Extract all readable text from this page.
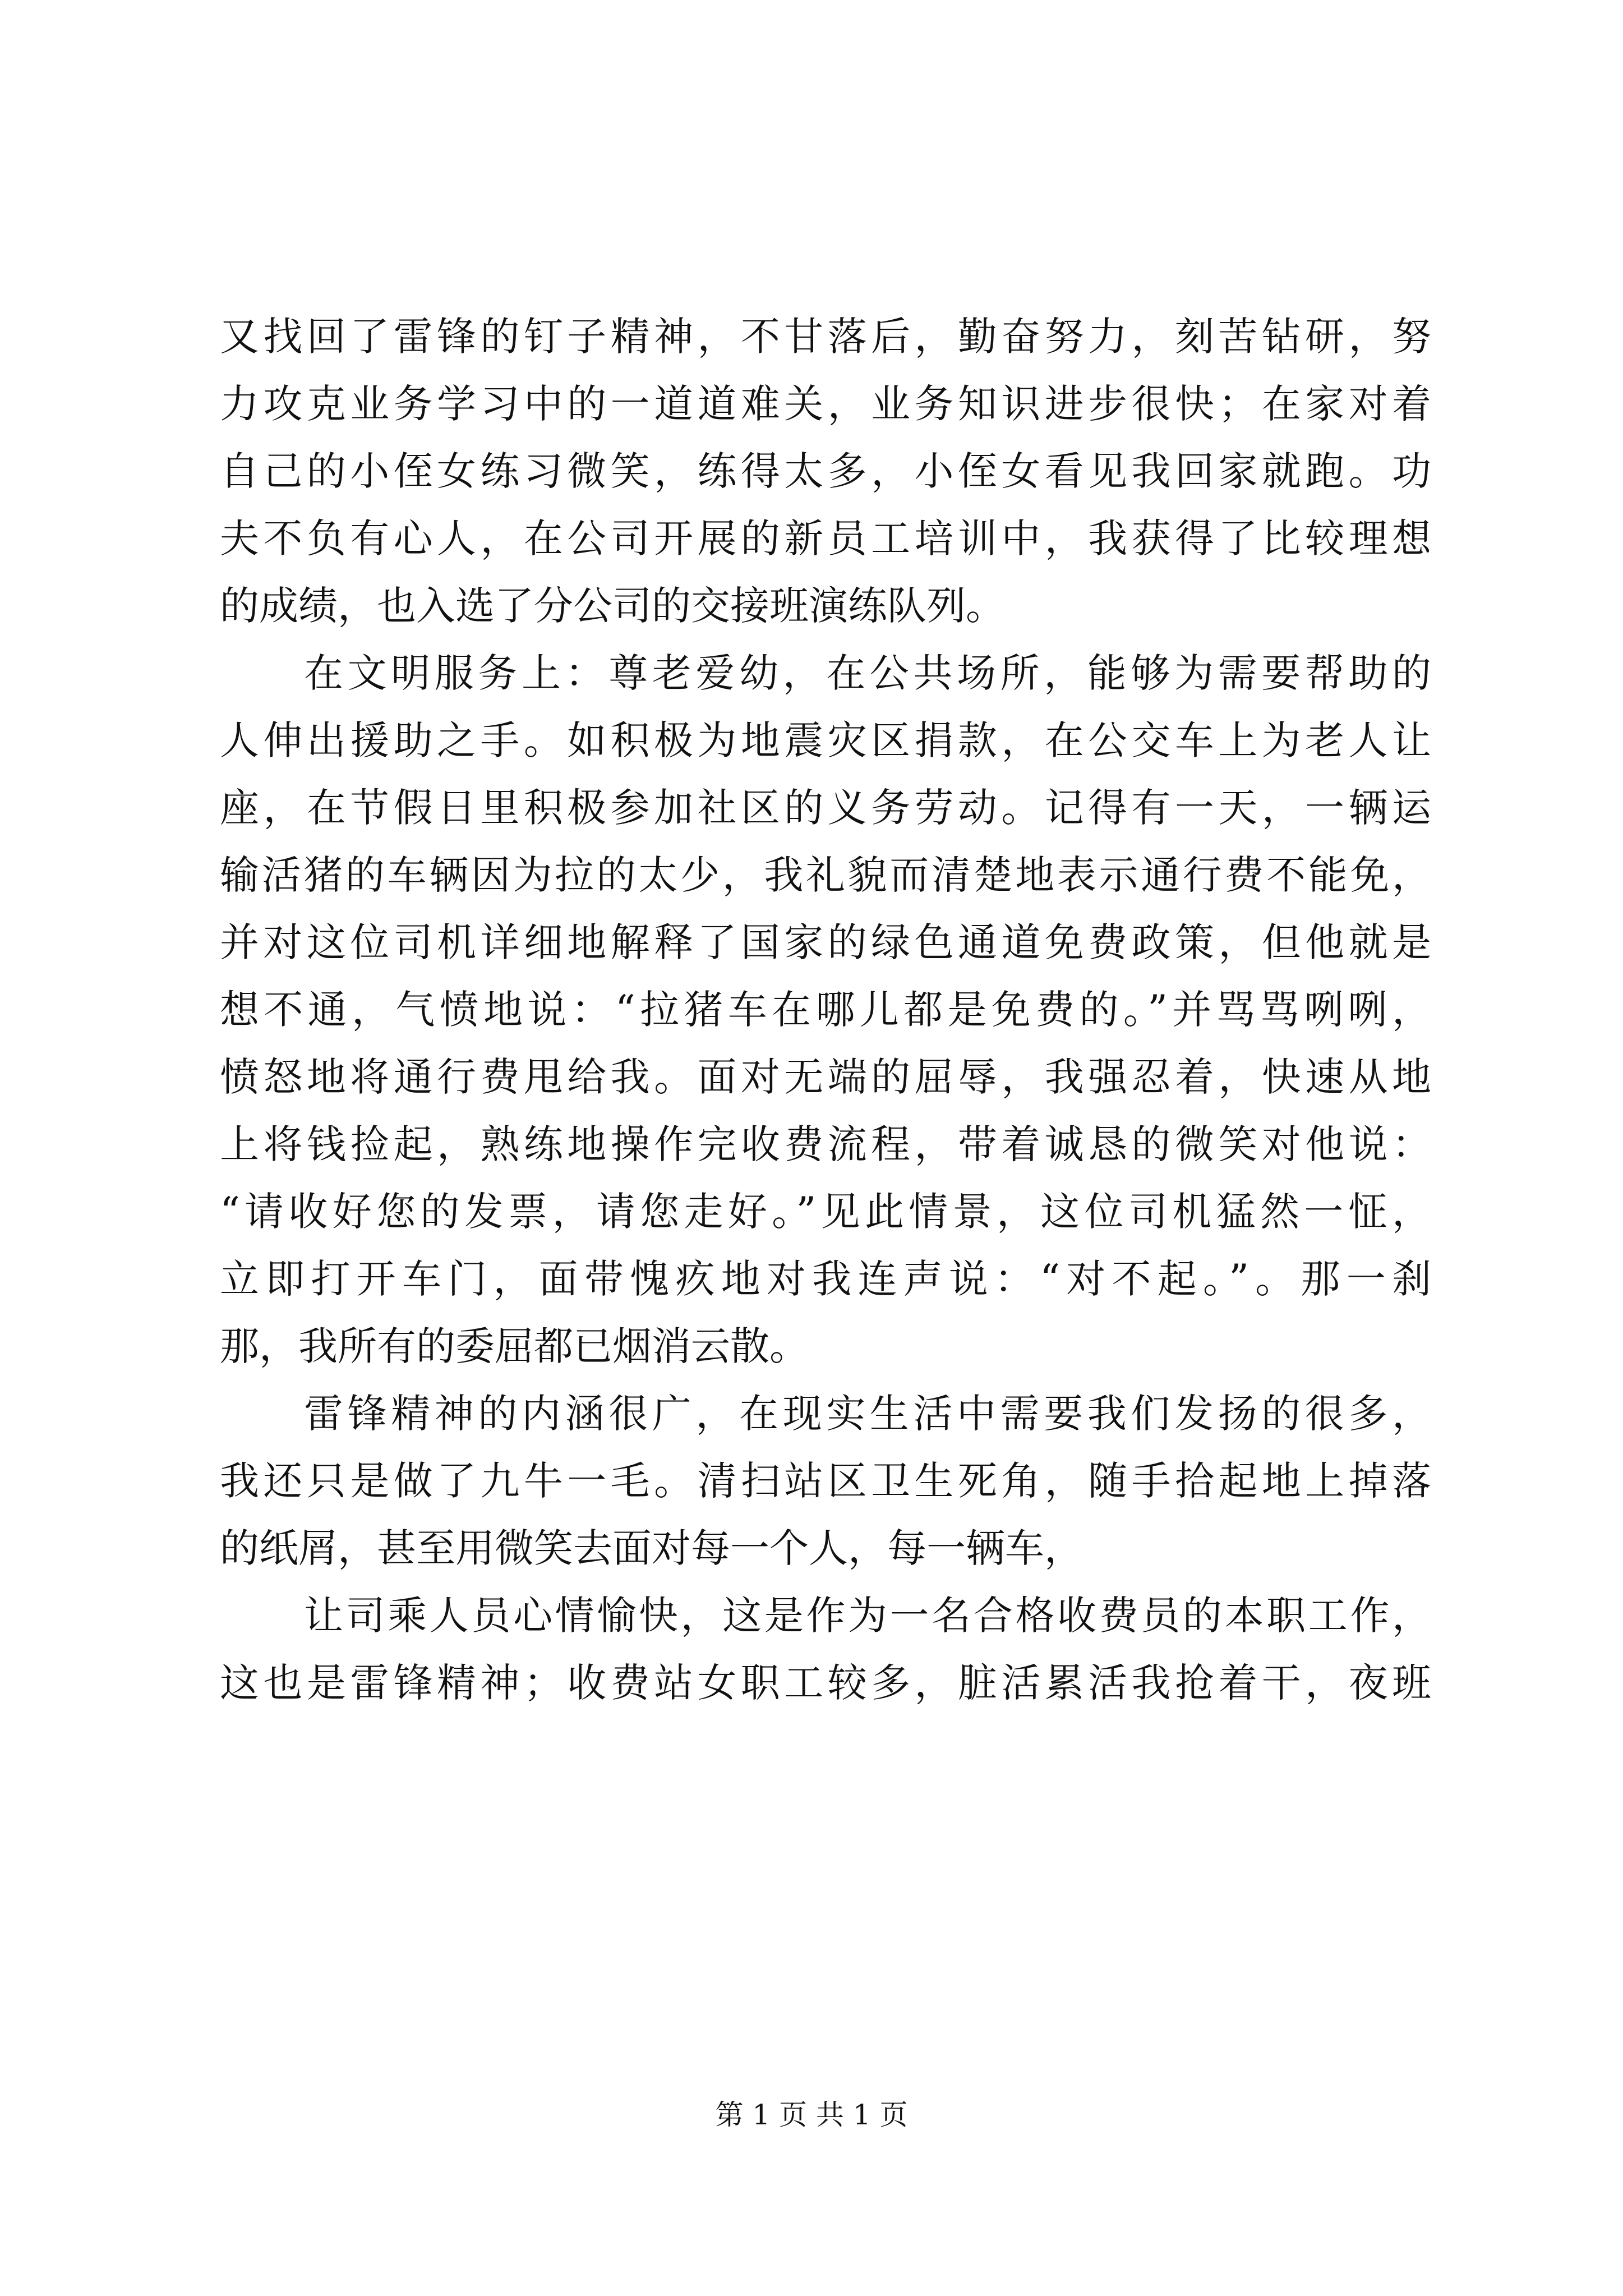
又找回了雷锋的钉子精神，不甘落后，勤奋努力，刻苦钻研，努
力攻克业务学习中的一道道难关，业务知识进步很快；在家对着
自己的小侄女练习微笑，练得太多，小侄女看见我回家就跑。功
夫不负有心人，在公司开展的新员工培训中，我获得了比较理想
的成绩，也入选了分公司的交接班演练队列。
在文明服务上：尊老爱幼，在公共场所，能够为需要帮助的
人伸出援助之手。如积极为地震灾区捐款，在公交车上为老人让
座，在节假日里积极参加社区的义务劳动。记得有一天，一辆运
输活猪的车辆因为拉的太少，我礼貌而清楚地表示通行费不能免，
并对这位司机详细地解释了国家的绿色通道免费政策，但他就是
想不通，气愤地说：“拉猪车在哪儿都是免费的。”并骂骂咧咧，
愤怒地将通行费甩给我。面对无端的屈辱，我强忍着，快速从地
上将钱捡起，熟练地操作完收费流程，带着诚恳的微笑对他说：
“请收好您的发票，请您走好。”见此情景，这位司机猛然一怔，
立即打开车门，面带愧疚地对我连声说：“对不起。”。那一刹
那，我所有的委屈都已烟消云散。
雷锋精神的内涵很广，在现实生活中需要我们发扬的很多，
我还只是做了九牛一毛。清扫站区卫生死角，随手拾起地上掉落
的纸屑，甚至用微笑去面对每一个人，每一辆车，
让司乘人员心情愉快，这是作为一名合格收费员的本职工作，
这也是雷锋精神；收费站女职工较多，脏活累活我抢着干，夜班
第 1 页 共 1 页
